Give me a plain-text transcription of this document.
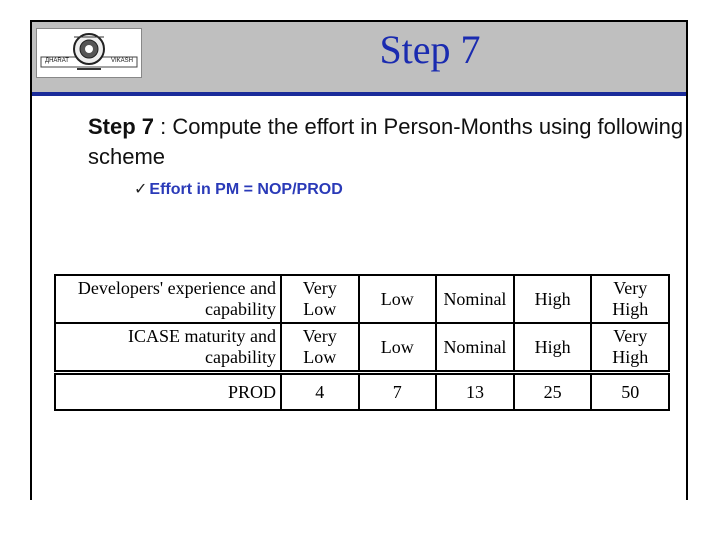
ДHARAT	VIKASH	Step 7
Step 7 : Compute the effort in Person-Months using following scheme
✓ Effort in PM = NOP/PROD
Developers' experience and capability	Very Low	Low	Nominal	High	Very High
ICASE maturity and capability	Very Low	Low	Nominal	High	Very High
PROD	4	7	13	25	50
